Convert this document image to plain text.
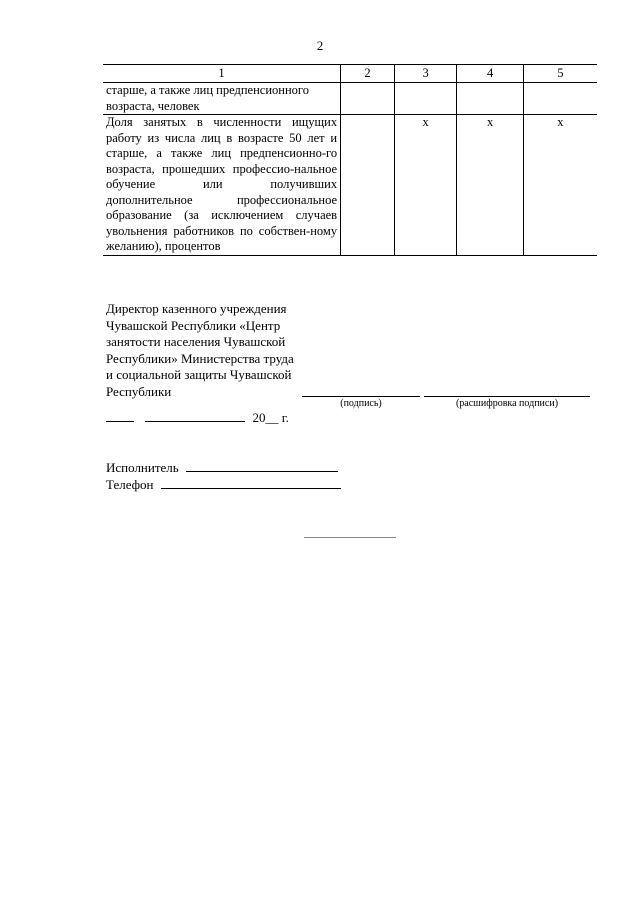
2
1	2	3	4	5
старше, а также лиц предпенсионного возраста, человек				
Доля занятых в численности ищущих работу из числа лиц в возрасте 50 лет и старше, а также лиц предпенсионно-го возраста, прошедших профессио-нальное обучение или получивших дополнительное профессиональное образование (за исключением случаев увольнения работников по собствен-ному желанию), процентов		х	х	х
Директор казенного учреждения
Чувашской Республики «Центр
занятости населения Чувашской
Республики» Министерства труда
и социальной защиты Чувашской
Республики
(подпись)	(расшифровка подписи)
20__ г.
Исполнитель
Телефон
